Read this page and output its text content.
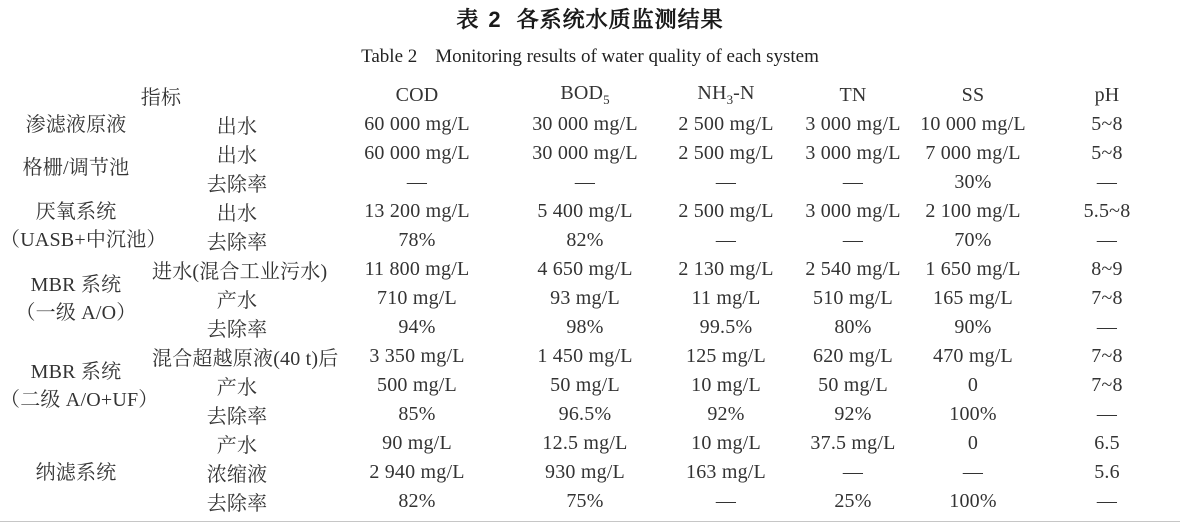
表 2 各系统水质监测结果
Table 2 Monitoring results of water quality of each system
指标		COD	$BOD_5$	$NH_3-N$	TN	SS	pH

渗滤液原液	出水	60 000 mg/L	30 000 mg/L	2 500 mg/L	3 000 mg/L	10 000 mg/L	5~8

格栅/调节池	出水	60 000 mg/L	30 000 mg/L	2 500 mg/L	3 000 mg/L	7 000 mg/L	5~8
	去除率	—	—	—	—	30%	—

厌氧系统
（UASB+中沉池）	出水	13 200 mg/L	5 400 mg/L	2 500 mg/L	3 000 mg/L	2 100 mg/L	5.5~8
	去除率	78%	82%	—	—	70%	—

MBR 系统
（一级 A/O）	进水(混合工业污水)	11 800 mg/L	4 650 mg/L	2 130 mg/L	2 540 mg/L	1 650 mg/L	8~9
	产水	710 mg/L	93 mg/L	11 mg/L	510 mg/L	165 mg/L	7~8
	去除率	94%	98%	99.5%	80%	90%	—

MBR 系统
（二级 A/O+UF）	混合超越原液(40 t)后	3 350 mg/L	1 450 mg/L	125 mg/L	620 mg/L	470 mg/L	7~8
	产水	500 mg/L	50 mg/L	10 mg/L	50 mg/L	0	7~8
	去除率	85%	96.5%	92%	92%	100%	—

纳滤系统	产水	90 mg/L	12.5 mg/L	10 mg/L	37.5 mg/L	0	6.5
	浓缩液	2 940 mg/L	930 mg/L	163 mg/L	—	—	5.6
	去除率	82%	75%	—	25%	100%	—
